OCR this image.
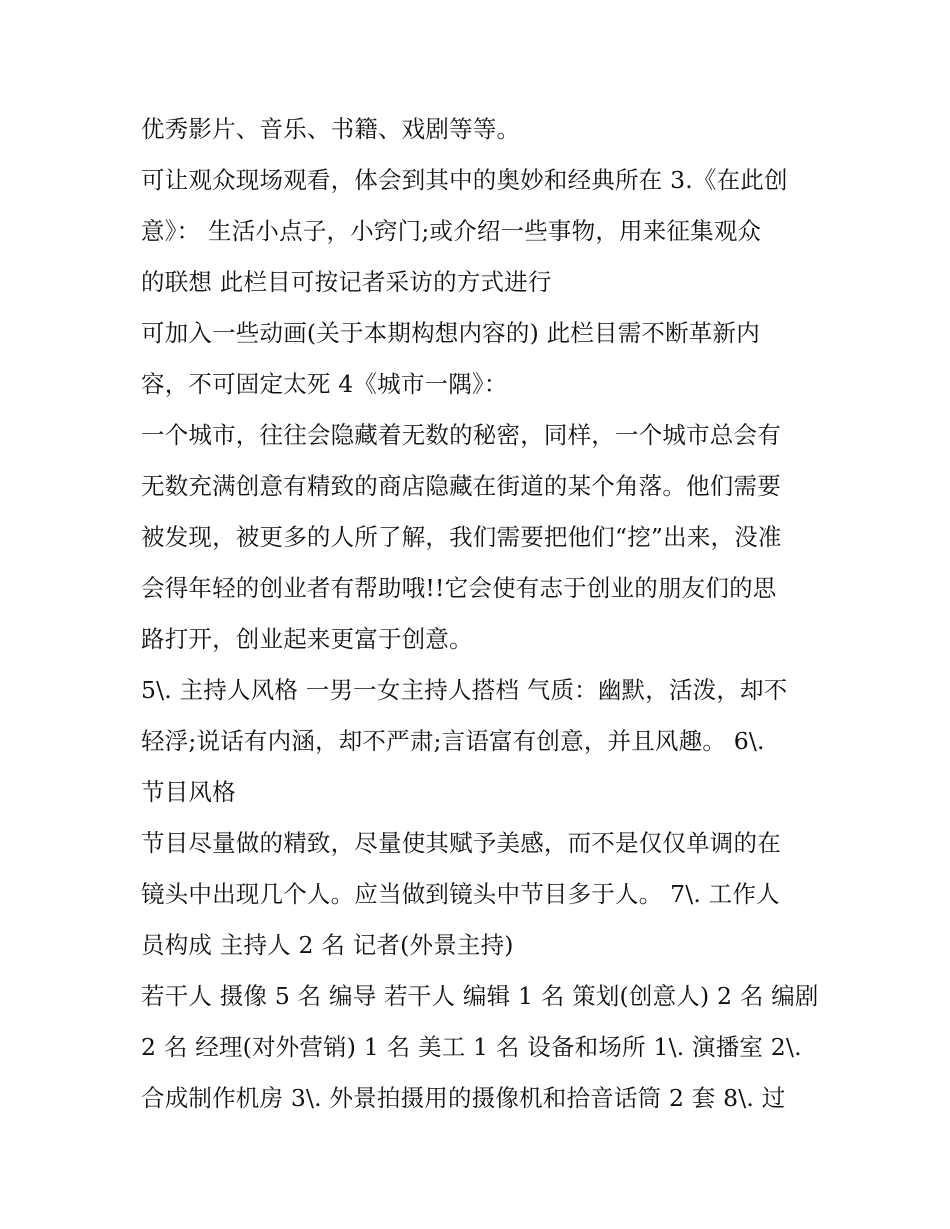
优秀影片、音乐、书籍、戏剧等等。
可让观众现场观看，体会到其中的奥妙和经典所在 3.《在此创
意》： 生活小点子，小窍门;或介绍一些事物，用来征集观众
的联想 此栏目可按记者采访的方式进行
可加入一些动画(关于本期构想内容的) 此栏目需不断革新内
容，不可固定太死 4《城市一隅》：
一个城市，往往会隐藏着无数的秘密，同样，一个城市总会有
无数充满创意有精致的商店隐藏在街道的某个角落。他们需要
被发现，被更多的人所了解，我们需要把他们“挖”出来，没准
会得年轻的创业者有帮助哦!!它会使有志于创业的朋友们的思
路打开，创业起来更富于创意。
5\. 主持人风格 一男一女主持人搭档 气质：幽默，活泼，却不
轻浮;说话有内涵，却不严肃;言语富有创意，并且风趣。 6\.
节目风格
节目尽量做的精致，尽量使其赋予美感，而不是仅仅单调的在
镜头中出现几个人。应当做到镜头中节目多于人。 7\. 工作人
员构成 主持人 2 名 记者(外景主持)
若干人 摄像 5 名 编导 若干人 编辑 1 名 策划(创意人) 2 名 编剧
2 名 经理(对外营销) 1 名 美工 1 名 设备和场所 1\. 演播室 2\.
合成制作机房 3\. 外景拍摄用的摄像机和拾音话筒 2 套 8\. 过
